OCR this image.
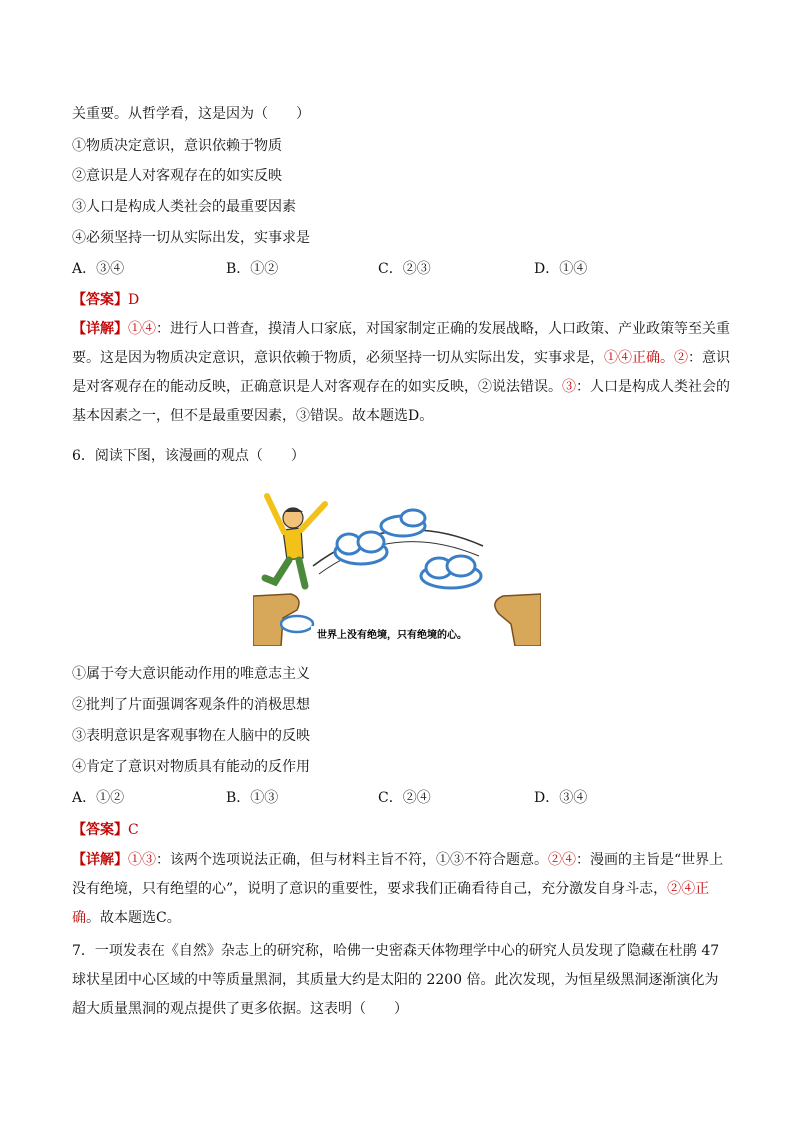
关重要。从哲学看，这是因为（　　）
①物质决定意识，意识依赖于物质
②意识是人对客观存在的如实反映
③人口是构成人类社会的最重要因素
④必须坚持一切从实际出发，实事求是
A．③④	B．①②	C．②③	D．①④
【答案】D
【详解】①④：进行人口普查，摸清人口家底，对国家制定正确的发展战略，人口政策、产业政策等至关重要。这是因为物质决定意识，意识依赖于物质，必须坚持一切从实际出发，实事求是，①④正确。②：意识是对客观存在的能动反映，正确意识是人对客观存在的如实反映，②说法错误。③：人口是构成人类社会的基本因素之一，但不是最重要因素，③错误。故本题选D。
6．阅读下图，该漫画的观点（　　）
世界上没有绝境，只有绝境的心。
①属于夸大意识能动作用的唯意志主义
②批判了片面强调客观条件的消极思想
③表明意识是客观事物在人脑中的反映
④肯定了意识对物质具有能动的反作用
A．①②	B．①③	C．②④	D．③④
【答案】C
【详解】①③：该两个选项说法正确，但与材料主旨不符，①③不符合题意。②④：漫画的主旨是“世界上没有绝境，只有绝望的心”，说明了意识的重要性，要求我们正确看待自己，充分激发自身斗志，②④正确。故本题选C。
7．一项发表在《自然》杂志上的研究称，哈佛一史密森天体物理学中心的研究人员发现了隐藏在杜鹃 47 球状星团中心区域的中等质量黑洞，其质量大约是太阳的 2200 倍。此次发现，为恒星级黑洞逐渐演化为超大质量黑洞的观点提供了更多依据。这表明（　　）
